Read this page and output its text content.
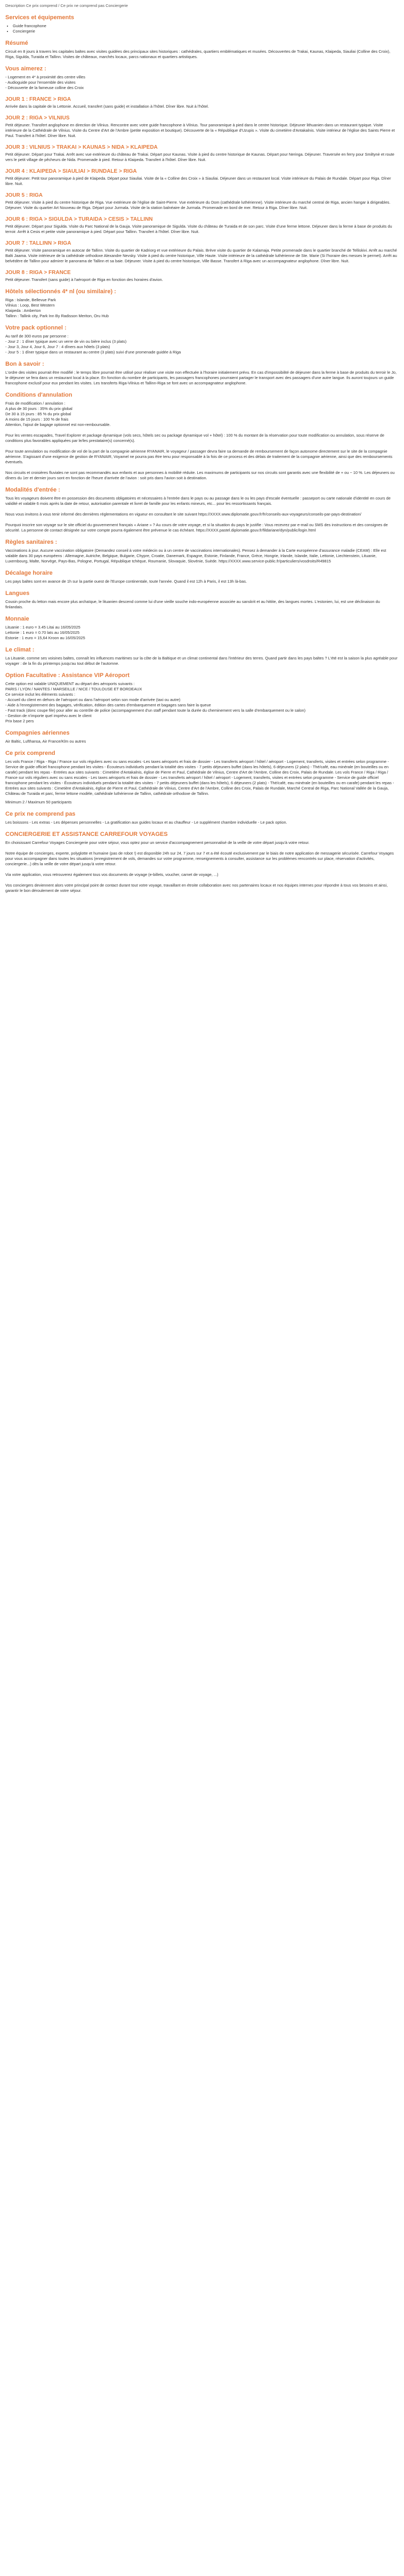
Description Ce prix comprend / Ce prix ne comprend pas Conciergerie
Services et équipements
• Guide francophone
• Conciergerie
Résumé

Circuit en 8 jours à travers les capitales baltes avec visites guidées des principaux sites historiques : cathédrales, quartiers emblématiques et musées. Découvertes de Trakai, Kaunas, Klaipeda, Siauliai (Colline des Croix), Riga, Sigulda, Turaida et Tallinn. Visites de châteaux, marchés locaux, parcs nationaux et quartiers artistiques.

Vous aimerez :
- Logement en 4* à proximité des centre villes
- Audioguide pour l'ensemble des visites
- Découverte de la fameuse colline des Croix
JOUR 1 : FRANCE > RIGA

Arrivée dans la capitale de la Lettonie. Accueil, transfert (sans guide) et installation à l'hôtel. Dîner libre. Nuit à l'hôtel.

JOUR 2 : RIGA > VILNIUS

Petit déjeuner. Transfert anglophone en direction de Vilnius. Rencontre avec votre guide francophone à Vilnius. Tour panoramique à pied dans le centre historique. Déjeuner lithuanien dans un restaurant typique. Visite intérieure de la Cathédrale de Vilnius. Visite du Centre d'Art de l'Ambre (petite exposition et boutique). Découverte de la « République d'Uzupis ». Visite du cimetière d'Antakalnis. Visite intérieur de l'église des Saints Pierre et Paul. Transfert à l'hôtel. Dîner libre. Nuit.

JOUR 3 : VILNIUS > TRAKAI > KAUNAS > NIDA > KLAIPEDA

Petit déjeuner. Départ pour Trakai. Arrêt avec vue extérieure du château de Trakai. Départ pour Kaunas. Visite à pied du centre historique de Kaunas. Départ pour Neringa. Déjeuner. Traversée en ferry pour Smiltynė et route vers le petit village de pêcheurs de Nida. Promenade à pied. Retour à Klaipeda. Transfert à l'hôtel. Dîner libre. Nuit.

JOUR 4 : KLAIPEDA > SIAULIAI > RUNDALE > RIGA

Petit déjeuner. Petit tour panoramique à pied de Klaipeda. Départ pour Siauliai. Visite de la « Colline des Croix » à Siauliai. Déjeuner dans un restaurant local. Visite intérieure du Palais de Rundale. Départ pour Riga. Dîner libre. Nuit.

JOUR 5 : RIGA

Petit déjeuner. Visite à pied du centre historique de Riga. Vue extérieure de l'église de Saint-Pierre. Vue extérieure du Dom (cathédrale luthérienne). Visite intérieure du marché central de Riga, ancien hangar à dirigeables. Déjeuner. Visite du quartier Art Nouveau de Riga. Départ pour Jurmala. Visite de la station balnéaire de Jurmala. Promenade en bord de mer. Retour à Riga. Dîner libre. Nuit.

JOUR 6 : RIGA > SIGULDA > TURAIDA > CESIS > TALLINN

Petit déjeuner. Départ pour Sigulda. Visite du Parc National de la Gauja. Visite panoramique de Sigulda. Visite du château de Turaida et de son parc. Visite d'une ferme lettone. Déjeuner dans la ferme à base de produits du terroir. Arrêt à Cesis et petite visite panoramique à pied. Départ pour Tallinn. Transfert à l'hôtel. Dîner libre. Nuit.

JOUR 7 : TALLINN > RIGA

Petit déjeuner. Visite panoramique en autocar de Tallinn. Visite du quartier de Kadriorg et vue extérieure du Palais. Brève visite du quartier de Kalamaja. Petite promenade dans le quartier branché de Telliskivi. Arrêt au marché Balti Jaama. Visite intérieure de la cathédrale orthodoxe Alexandre Nevsky. Visite à pied du centre historique, Ville Haute. Visite intérieure de la cathédrale luthérienne de Ste. Marie (Si l'horaire des messes le permet). Arrêt au belvédère de Tallinn pour admirer le panorama de Tallinn et sa baie. Déjeuner. Visite à pied du centre historique, Ville Basse. Transfert à Riga avec un accompagnateur anglophone. Dîner libre. Nuit.

JOUR 8 : RIGA > FRANCE

Petit déjeuner. Transfert (sans guide) à l'aéroport de Riga en fonction des horaires d'avion.

Hôtels sélectionnés 4* nl (ou similaire) :
Riga : Islande, Bellevue Park
Vilnius : Loop, Best Western
Klaipeda : Amberton
Tallinn : Tallink city, Park Inn By Radisson Meriton, Oru Hub
Votre pack optionnel :
Au tarif de 300 euros par personne :
- Jour 2 : 1 dîner typique avec un verre de vin ou bière inclus (3 plats)
- Jour 3, Jour 4, Jour 6, Jour 7 : 4 dîners aux hôtels (3 plats)
- Jour 5 : 1 dîner typique dans un restaurant au centre (3 plats) suivi d'une promenade guidée à Riga
Bon à savoir :

L'ordre des visites pourrait être modifié ; le temps libre pourrait être utilisé pour réaliser une visite non effectuée à l'horaire initialement prévu. En cas d'impossibilité de déjeuner dans la ferme à base de produits du terroir le Jo, le déjeuner se fera dans un restaurant local à la place. En fonction du nombre de participants, les passagers francophones pourraient partager le transport avec des passagers d'une autre langue. Ils auront toujours un guide francophone exclusif pour eux pendant les visites. Les transferts Riga-Vilnius et Tallinn-Riga se font avec un accompagnateur anglophone.

Conditions d'annulation
Frais de modification / annulation :
A plus de 30 jours : 35% du prix global
De 30 à 15 jours : 85 % du prix global
A moins de 15 jours : 100 % de frais
Attention, l'ajout de bagage optionnel est non-remboursable.

Pour les ventes escapades, Travel Explorer et package dynamique (vols secs, hôtels sec ou package dynamique vol + hôtel) : 100 % du montant de la réservation pour toute modification ou annulation, sous réserve de conditions plus favorables appliquées par le/les prestataire(s) concerné(s).

Pour toute annulation ou modification de vol de la part de la compagnie aérienne RYANAIR, le voyageur / passager devra faire sa demande de remboursement de façon autonome directement sur le site de la compagnie aérienne. S'agissant d'une exigence de gestion de RYANAIR, Voyamel ne pourra pas être tenu pour responsable à la fois de ce process et des délais de traitement de la compagnie aérienne, ainsi que des remboursements éventuels.

Nos circuits et croisières fluviales ne sont pas recommandés aux enfants et aux personnes à mobilité réduite. Les maximums de participants sur nos circuits sont garantis avec une flexibilité de + ou − 10 %. Les déjeuners ou dîners du 1er et dernier jours sont en fonction de l'heure d'arrivée de l'avion : soit pris dans l'avion soit à destination.

Modalités d'entrée :

Tous les voyageurs doivent être en possession des documents obligatoires et nécessaires à l'entrée dans le pays ou au passage dans le ou les pays d'escale éventuelle : passeport ou carte nationale d'identité en cours de validité et valable 6 mois après la date de retour, autorisation parentale et livret de famille pour les enfants mineurs, etc... pour les ressortissants français.

Nous vous invitons à vous tenir informé des dernières réglementations en vigueur en consultant le site suivant https://XXXX.www.diplomatie.gouv.fr/fr/conseils-aux-voyageurs/conseils-par-pays-destination/

Pourquoi inscrire son voyage sur le site officiel du gouvernement français « Ariane » ? Au cours de votre voyage, et si la situation du pays le justifie : Vous recevrez par e-mail ou SMS des instructions et des consignes de sécurité. La personne de contact désignée sur votre compte pourra également être prévenue le cas échéant. https://XXXX.pastel.diplomatie.gouv.fr/fildariane/dyn/public/login.html

Règles sanitaires :

Vaccinations à jour. Aucune vaccination obligatoire (Demandez conseil à votre médecin ou à un centre de vaccinations internationales). Pensez à demander à la Carte européenne d'assurance maladie (CEAM) : Elle est valable dans 30 pays européens : Allemagne, Autriche, Belgique, Bulgarie, Chypre, Croatie, Danemark, Espagne, Estonie, Finlande, France, Grèce, Hongrie, Irlande, Islande, Italie, Lettonie, Liechtenstein, Lituanie, Luxembourg, Malte, Norvège, Pays-Bas, Pologne, Portugal, République tchèque, Roumanie, Slovaquie, Slovénie, Suède. https://XXXX.www.service-public.fr/particuliers/vosdroits/R49815

Décalage horaire

Les pays baltes sont en avance de 1h sur la partie ouest de l'Europe continentale, toute l'année. Quand il est 12h à Paris, il est 13h là-bas.

Langues

Cousin proche du letton mais encore plus archaïque, le lituanien descend comme lui d'une vieille souche indo-européenne associée au sanskrit et au hittite, des langues mortes. L'estonien, lui, est une déclinaison du finlandais.

Monnaie
Lituanie : 1 euro = 3.45 Litai au 16/05/2025
Lettonie : 1 euro = 0.70 lats au 16/05/2025
Estonie : 1 euro = 15,64 Kroon au 16/05/2025
Le climat :

La Lituanie, comme ses voisines baltes, connaît les influences maritimes sur la côte de la Baltique et un climat continental dans l'intérieur des terres. Quand partir dans les pays baltes ? L'été est la saison la plus agréable pour voyager : de la fin du printemps jusqu'au tout début de l'automne.

Option Facultative : Assistance VIP Aéroport
Cette option est valable UNIQUEMENT au départ des aéroports suivants :
PARIS / LYON / NANTES / MARSEILLE / NICE / TOULOUSE ET BORDEAUX
Ce service inclut les éléments suivants :
- Accueil du client en dehors de l'aéroport ou dans l'aéroport selon son mode d'arrivée (taxi ou autre)
- Aide à l'enregistrement des bagages, vérification, édition des cartes d'embarquement et bagages sans faire la queue
- Fast track (donc coupe file) pour aller au contrôle de police (accompagnement d'un staff pendant toute la durée du cheminement vers la salle d'embarquement ou le salon)
- Gestion de n'importe quel imprévu avec le client
Prix base 2 pers
Compagnies aériennes

Air Baltic, Lufthansa, Air France/Klm ou autres

Ce prix comprend

Les vols France / Riga - Riga / France sur vols réguliers avec ou sans escales -Les taxes aéroports et frais de dossier - Les transferts aéroport / hôtel / aéroport - Logement, transferts, visites et entrées selon programme - Service de guide officiel francophone pendant les visites - Écouteurs individuels pendant la totalité des visites - 7 petits déjeuners buffet (dans les hôtels), 6 déjeuners (2 plats) - Thé/café, eau minérale (en bouteilles ou en carafe) pendant les repas - Entrées aux sites suivants : Cimetière d'Antakalnis, église de Pierre et Paul, Cathédrale de Vilnius, Centre d'Art de l'Ambre, Colline des Croix, Palais de Rundale. Les vols France / Riga / Riga / France sur vols réguliers avec ou sans escales - Les taxes aéroports et frais de dossier - Les transferts aéroport / hôtel / aéroport - Logement, transferts, visites et entrées selon programme - Service de guide officiel francophone pendant les visites - Écouteurs individuels pendant la totalité des visites - 7 petits déjeuners buffet (dans les hôtels), 6 déjeuners (2 plats) - Thé/café, eau minérale (en bouteilles ou en carafe) pendant les repas - Entrées aux sites suivants : Cimetière d'Antakalnis, église de Pierre et Paul, Cathédrale de Vilnius, Centre d'Art de l'Ambre, Colline des Croix, Palais de Rundale, Marché Central de Riga, Parc National Vallée de la Gauja, Château de Turaida et parc, ferme lettone modèle, cathédrale luthérienne de Tallinn, cathédrale orthodoxe de Tallinn.

Minimum 2 / Maximum 50 participants

Ce prix ne comprend pas

Les boissons - Les extras - Les dépenses personnelles - La gratification aux guides locaux et au chauffeur - Le supplément chambre individuelle - Le pack option.

CONCIERGERIE ET ASSISTANCE CARREFOUR VOYAGES

En choisissant Carrefour Voyages Conciergerie pour votre séjour, vous optez pour un service d'accompagnement personnalisé de la veille de votre départ jusqu'à votre retour.

Notre équipe de concierges, experte, polyglotte et humaine (pas de robot !) est disponible 24h sur 24, 7 jours sur 7 et a été écouté exclusivement par le biais de notre application de messagerie sécurisée. Carrefour Voyages pour vous accompagner dans toutes les situations (enregistrement de vols, demandes sur votre programme, renseignements à consulter, assistance sur les problèmes rencontrés sur place, réservation d'activités, conciergerie...) dès la veille de votre départ jusqu'à votre retour.

Via votre application, vous retrouverez également tous vos documents de voyage (e-billets, voucher, carnet de voyage, ...)

Vos conciergers deviennent alors votre principal point de contact durant tout votre voyage, travaillant en étroite collaboration avec nos partenaires locaux et nos équipes internes pour répondre à tous vos besoins et ainsi, garantir le bon déroulement de votre séjour.
